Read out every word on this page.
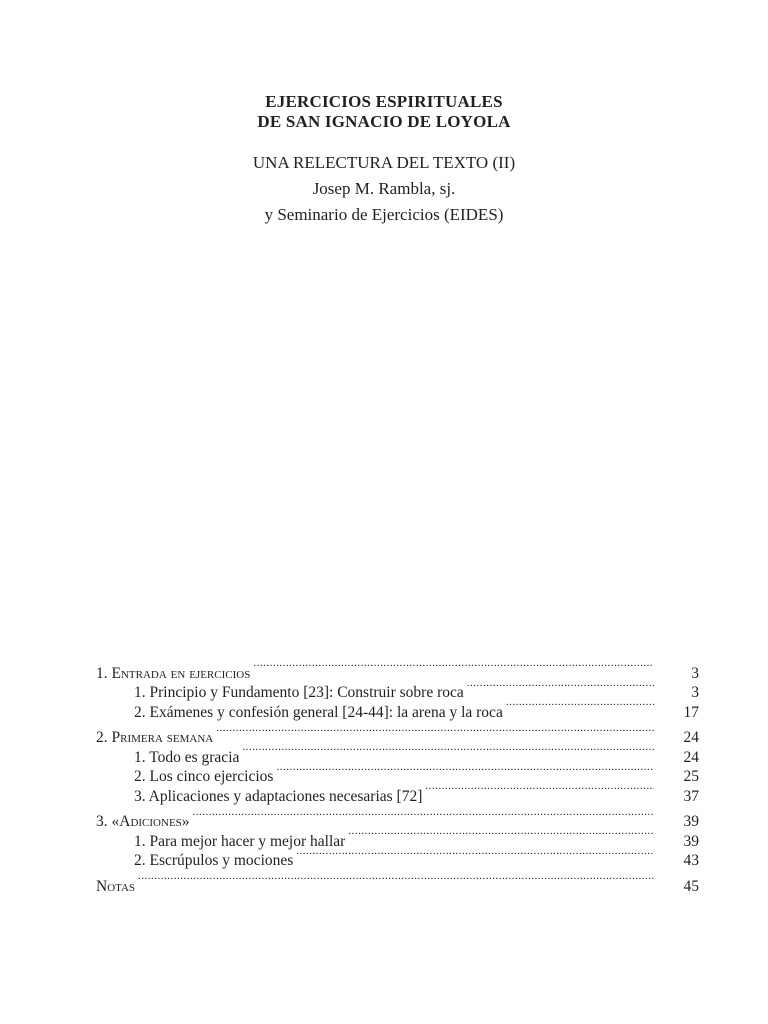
EJERCICIOS ESPIRITUALES
DE SAN IGNACIO DE LOYOLA
UNA RELECTURA DEL TEXTO (II)
Josep M. Rambla, sj.
y Seminario de Ejercicios (EIDES)
1. Entrada en ejercicios .....	3
1. Principio y Fundamento [23]: Construir sobre roca .....	3
2. Exámenes y confesión general [24-44]: la arena y la roca .....	17
2. Primera semana .....	24
1. Todo es gracia .....	24
2. Los cinco ejercicios .....	25
3. Aplicaciones y adaptaciones necesarias [72] .....	37
3. «Adiciones» .....	39
1. Para mejor hacer y mejor hallar .....	39
2. Escrúpulos y mociones .....	43
Notas .....	45
